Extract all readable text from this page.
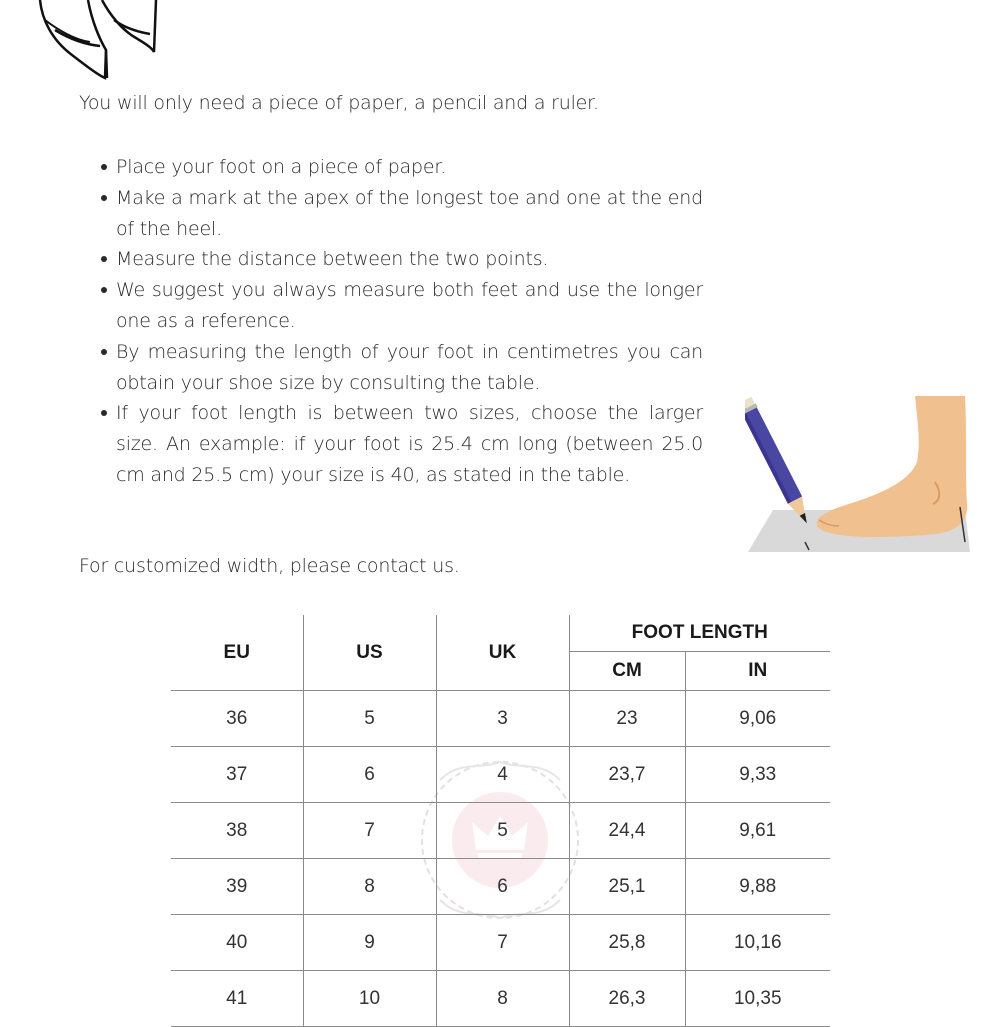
You will only need a piece of paper, a pencil and a ruler.

Place your foot on a piece of paper.
Make a mark at the apex of the longest toe and one at the end of the heel.
Measure the distance between the two points.
We suggest you always measure both feet and use the longer one as a reference.
By measuring the length of your foot in centimetres you can obtain your shoe size by consulting the table.
If your foot length is between two sizes, choose the larger size. An example: if your foot is 25.4 cm long (between 25.0 cm and 25.5 cm) your size is 40, as stated in the table.

For customized width, please contact us.

EU	US	UK	FOOT LENGTH	
			CM	IN
36	5	3	23	9,06
37	6	4	23,7	9,33
38	7	5	24,4	9,61
39	8	6	25,1	9,88
40	9	7	25,8	10,16
41	10	8	26,3	10,35
